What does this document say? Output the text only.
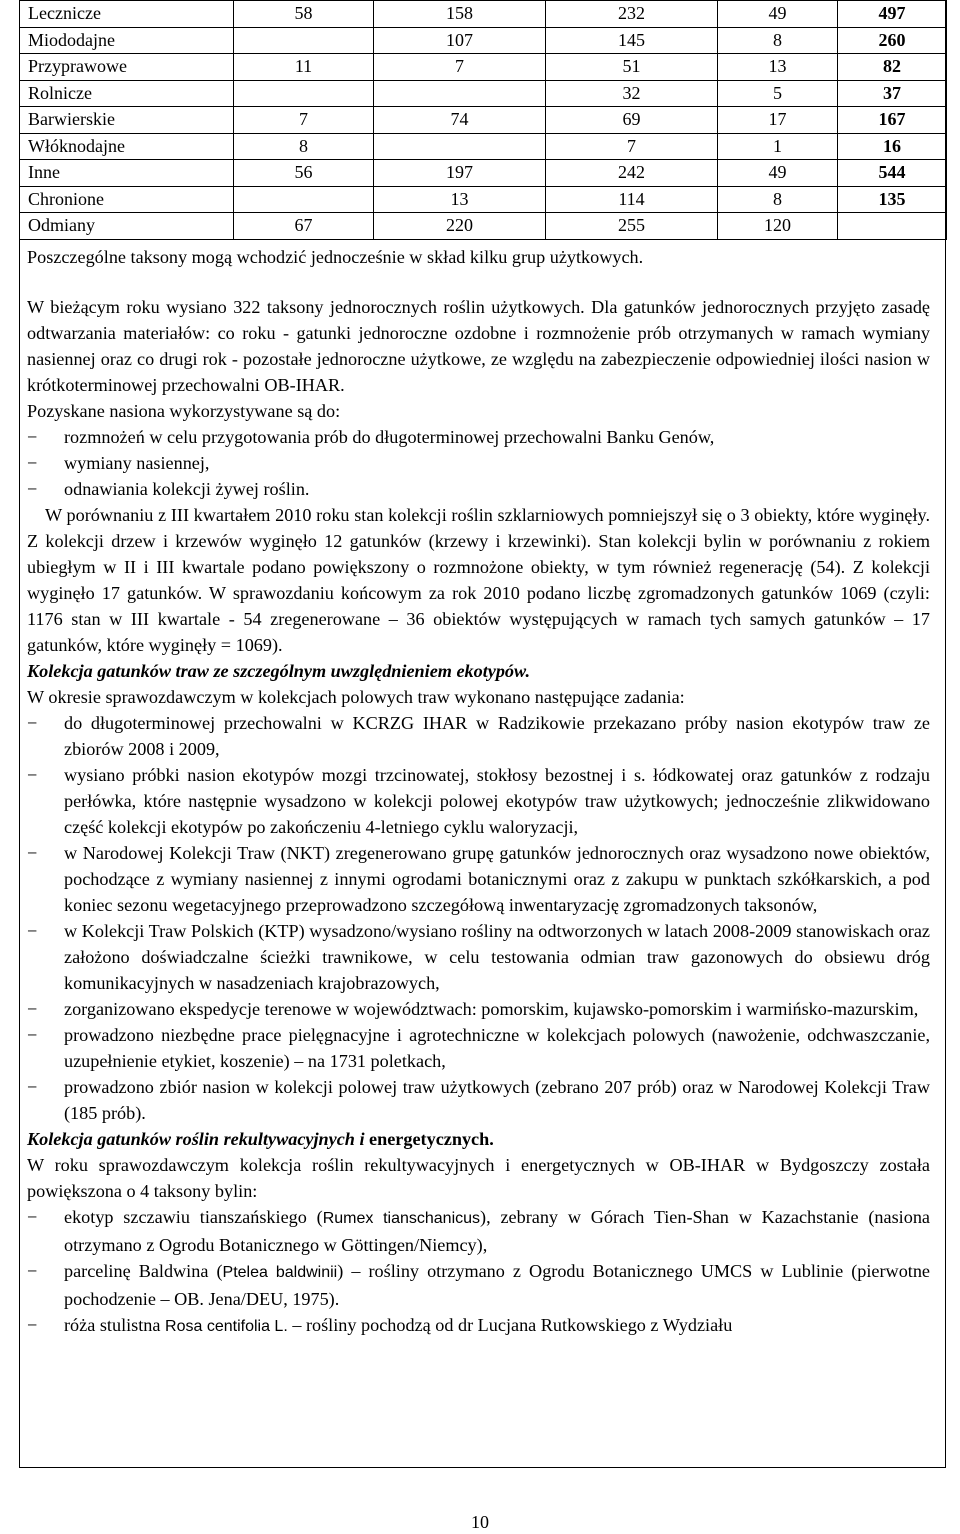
Lecznicze	58	158	232	49	497
Miododajne		107	145	8	260
Przyprawowe	11	7	51	13	82
Rolnicze			32	5	37
Barwierskie	7	74	69	17	167
Włóknodajne	8		7	1	16
Inne	56	197	242	49	544
Chronione		13	114	8	135
Odmiany	67	220	255	120	

Poszczególne taksony mogą wchodzić jednocześnie w skład kilku grup użytkowych.

W bieżącym roku wysiano 322 taksony jednorocznych roślin użytkowych. Dla gatunków jednorocznych przyjęto zasadę odtwarzania materiałów: co roku - gatunki jednoroczne ozdobne i rozmnożenie prób otrzymanych w ramach wymiany nasiennej oraz co drugi rok - pozostałe jednoroczne użytkowe, ze względu na zabezpieczenie odpowiedniej ilości nasion w krótkoterminowej przechowalni OB-IHAR.

Pozyskane nasiona wykorzystywane są do:

− rozmnożeń w celu przygotowania prób do długoterminowej przechowalni Banku Genów,
− wymiany nasiennej,
− odnawiania kolekcji żywej roślin.

W porównaniu z III kwartałem 2010 roku stan kolekcji roślin szklarniowych pomniejszył się o 3 obiekty, które wyginęły. Z kolekcji drzew i krzewów wyginęło 12 gatunków (krzewy i krzewinki). Stan kolekcji bylin w porównaniu z rokiem ubiegłym w II i III kwartale podano powiększony o rozmnożone obiekty, w tym również regenerację (54). Z kolekcji wyginęło 17 gatunków. W sprawozdaniu końcowym za rok 2010 podano liczbę zgromadzonych gatunków 1069 (czyli: 1176 stan w III kwartale - 54 zregenerowane – 36 obiektów występujących w ramach tych samych gatunków – 17 gatunków, które wyginęły = 1069).

Kolekcja gatunków traw ze szczególnym uwzględnieniem ekotypów.

W okresie sprawozdawczym w kolekcjach polowych traw wykonano następujące zadania:

− do długoterminowej przechowalni w KCRZG IHAR w Radzikowie przekazano próby nasion ekotypów traw ze zbiorów 2008 i 2009,
− wysiano próbki nasion ekotypów mozgi trzcinowatej, stokłosy bezostnej i s. łódkowatej oraz gatunków z rodzaju perłówka, które następnie wysadzono w kolekcji polowej ekotypów traw użytkowych; jednocześnie zlikwidowano część kolekcji ekotypów po zakończeniu 4-letniego cyklu waloryzacji,
− w Narodowej Kolekcji Traw (NKT) zregenerowano grupę gatunków jednorocznych oraz wysadzono nowe obiektów, pochodzące z wymiany nasiennej z innymi ogrodami botanicznymi oraz z zakupu w punktach szkółkarskich, a pod koniec sezonu wegetacyjnego przeprowadzono szczegółową inwentaryzację zgromadzonych taksonów,
− w Kolekcji Traw Polskich (KTP) wysadzono/wysiano rośliny na odtworzonych w latach 2008-2009 stanowiskach oraz założono doświadczalne ścieżki trawnikowe, w celu testowania odmian traw gazonowych do obsiewu dróg komunikacyjnych w nasadzeniach krajobrazowych,
− zorganizowano ekspedycje terenowe w województwach: pomorskim, kujawsko-pomorskim i warmińsko-mazurskim,
− prowadzono niezbędne prace pielęgnacyjne i agrotechniczne w kolekcjach polowych (nawożenie, odchwaszczanie, uzupełnienie etykiet, koszenie) – na 1731 poletkach,
− prowadzono zbiór nasion w kolekcji polowej traw użytkowych (zebrano 207 prób) oraz w Narodowej Kolekcji Traw (185 prób).

Kolekcja gatunków roślin rekultywacyjnych i energetycznych.

W roku sprawozdawczym kolekcja roślin rekultywacyjnych i energetycznych w OB-IHAR w Bydgoszczy została powiększona o 4 taksony bylin:

− ekotyp szczawiu tianszańskiego (Rumex tianschanicus), zebrany w Górach Tien-Shan w Kazachstanie (nasiona otrzymano z Ogrodu Botanicznego w Göttingen/Niemcy),
− parcelinę Baldwina (Ptelea baldwinii) – rośliny otrzymano z Ogrodu Botanicznego UMCS w Lublinie (pierwotne pochodzenie – OB. Jena/DEU, 1975).
− róża stulistna Rosa centifolia L. – rośliny pochodzą od dr Lucjana Rutkowskiego z Wydziału
10
